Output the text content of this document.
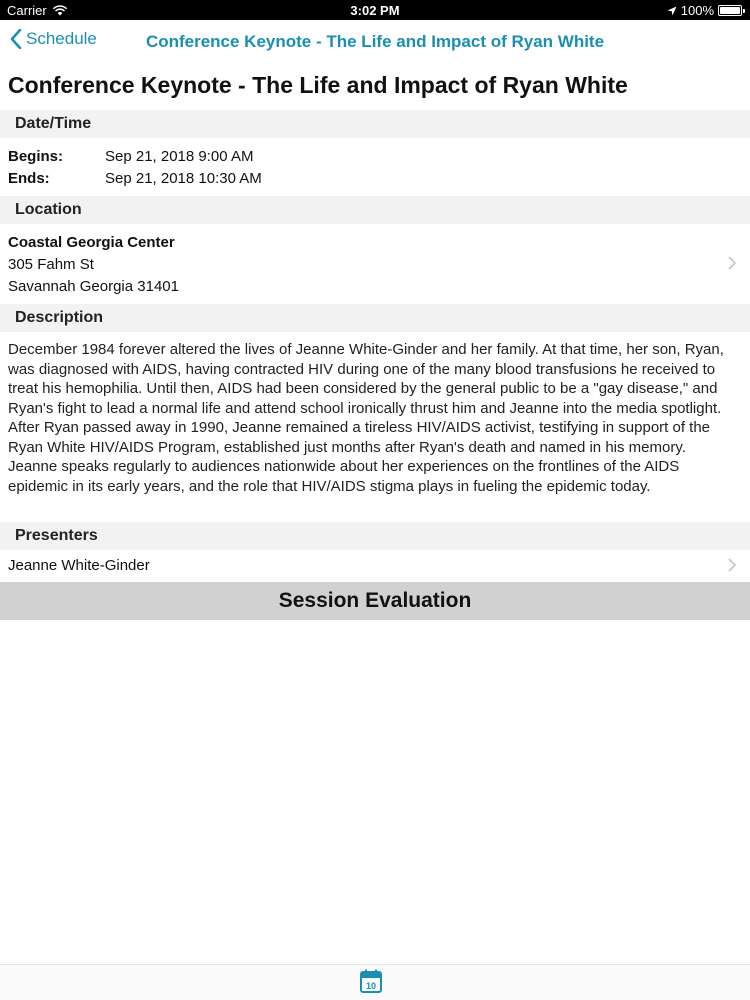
Carrier	3:02 PM	100%
Schedule	Conference Keynote - The Life and Impact of Ryan White
Conference Keynote - The Life and Impact of Ryan White
Date/Time
Begins:	Sep 21, 2018 9:00 AM
Ends:	Sep 21, 2018 10:30 AM
Location
Coastal Georgia Center
305 Fahm St
Savannah Georgia 31401
Description
December 1984 forever altered the lives of Jeanne White-Ginder and her family. At that time, her son, Ryan, was diagnosed with AIDS, having contracted HIV during one of the many blood transfusions he received to treat his hemophilia. Until then, AIDS had been considered by the general public to be a "gay disease," and Ryan's fight to lead a normal life and attend school ironically thrust him and Jeanne into the media spotlight. After Ryan passed away in 1990, Jeanne remained a tireless HIV/AIDS activist, testifying in support of the Ryan White HIV/AIDS Program, established just months after Ryan's death and named in his memory. Jeanne speaks regularly to audiences nationwide about her experiences on the frontlines of the AIDS epidemic in its early years, and the role that HIV/AIDS stigma plays in fueling the epidemic today.
Presenters
Jeanne White-Ginder
Session Evaluation
10
